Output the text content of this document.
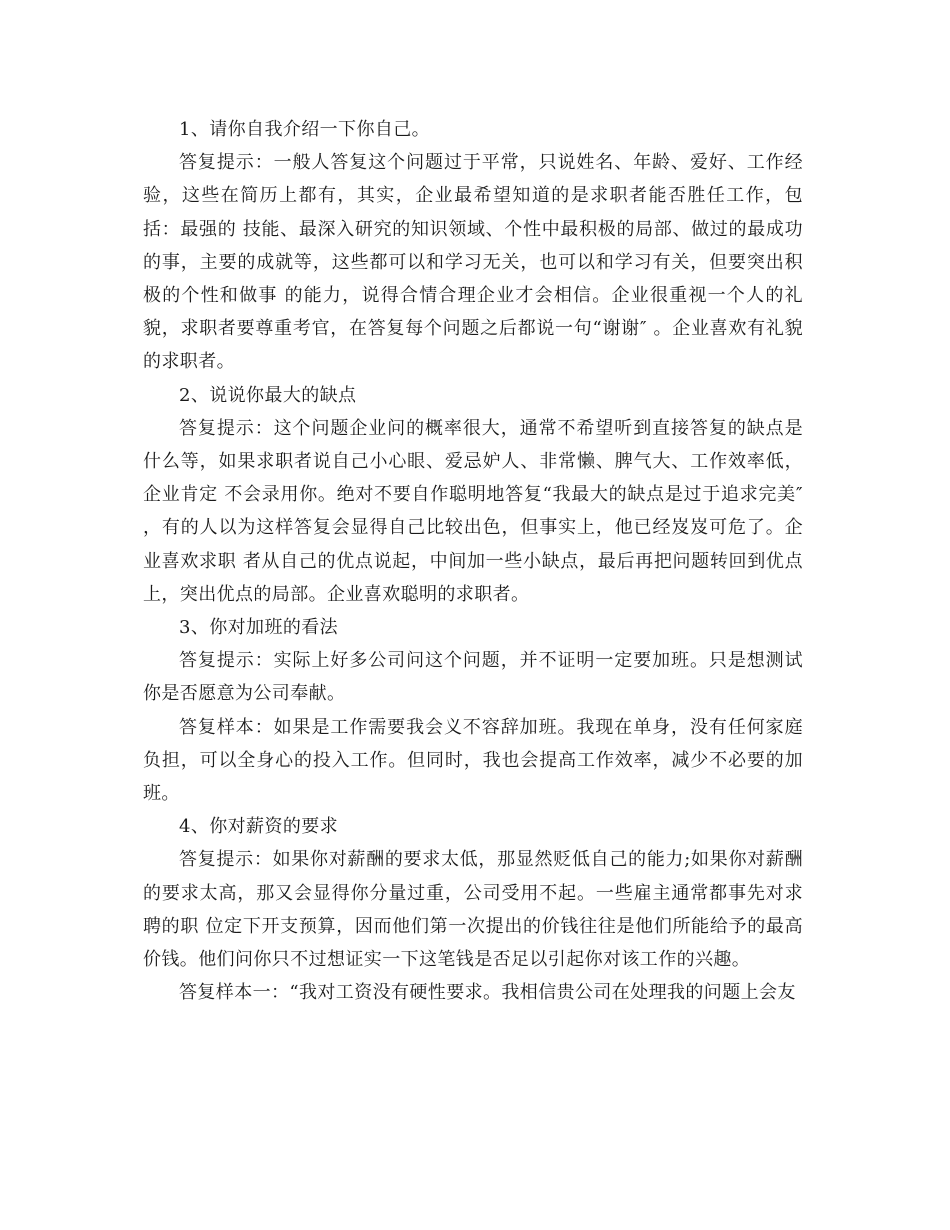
1、请你自我介绍一下你自己。

答复提示：一般人答复这个问题过于平常，只说姓名、年龄、爱好、工作经验，这些在简历上都有，其实，企业最希望知道的是求职者能否胜任工作，包括：最强的 技能、最深入研究的知识领域、个性中最积极的局部、做过的最成功的事，主要的成就等，这些都可以和学习无关，也可以和学习有关，但要突出积极的个性和做事 的能力，说得合情合理企业才会相信。企业很重视一个人的礼貌，求职者要尊重考官，在答复每个问题之后都说一句“谢谢″ 。企业喜欢有礼貌的求职者。

2、说说你最大的缺点

答复提示：这个问题企业问的概率很大，通常不希望听到直接答复的缺点是什么等，如果求职者说自己小心眼、爱忌妒人、非常懒、脾气大、工作效率低，企业肯定 不会录用你。绝对不要自作聪明地答复“我最大的缺点是过于追求完美″ ，有的人以为这样答复会显得自己比较出色，但事实上，他已经岌岌可危了。企业喜欢求职 者从自己的优点说起，中间加一些小缺点，最后再把问题转回到优点上，突出优点的局部。企业喜欢聪明的求职者。

3、你对加班的看法

答复提示：实际上好多公司问这个问题，并不证明一定要加班。只是想测试你是否愿意为公司奉献。

答复样本：如果是工作需要我会义不容辞加班。我现在单身，没有任何家庭负担，可以全身心的投入工作。但同时，我也会提高工作效率，减少不必要的加班。

4、你对薪资的要求

答复提示：如果你对薪酬的要求太低，那显然贬低自己的能力;如果你对薪酬的要求太高，那又会显得你分量过重，公司受用不起。一些雇主通常都事先对求聘的职 位定下开支预算，因而他们第一次提出的价钱往往是他们所能给予的最高价钱。他们问你只不过想证实一下这笔钱是否足以引起你对该工作的兴趣。

答复样本一：“我对工资没有硬性要求。我相信贵公司在处理我的问题上会友
